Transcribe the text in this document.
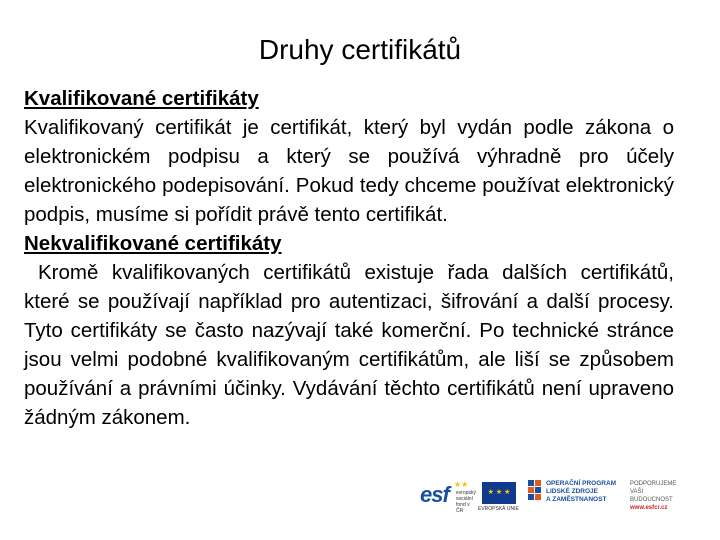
Druhy certifikátů
Kvalifikované certifikáty

Kvalifikovaný certifikát je certifikát, který byl vydán podle zákona o elektronickém podpisu a který se používá výhradně pro účely elektronického podepisování. Pokud tedy chceme používat elektronický podpis, musíme si pořídit právě tento certifikát.

Nekvalifikované certifikáty

Kromě kvalifikovaných certifikátů existuje řada dalších certifikátů, které se používají například pro autentizaci, šifrování a další procesy. Tyto certifikáty se často nazývají také komerční. Po technické stránce jsou velmi podobné kvalifikovaným certifikátům, ale liší se způsobem používání a právními účinky. Vydávání těchto certifikátů není upraveno žádným zákonem.

esf ★★
evropský sociální fond v ČR
★ ★ ★
EVROPSKÁ UNIE
OPERAČNÍ PROGRAM
LIDSKÉ ZDROJE
A ZAMĚSTNANOST
PODPORUJEME
VAŠI BUDOUCNOST
www.esfcr.cz
